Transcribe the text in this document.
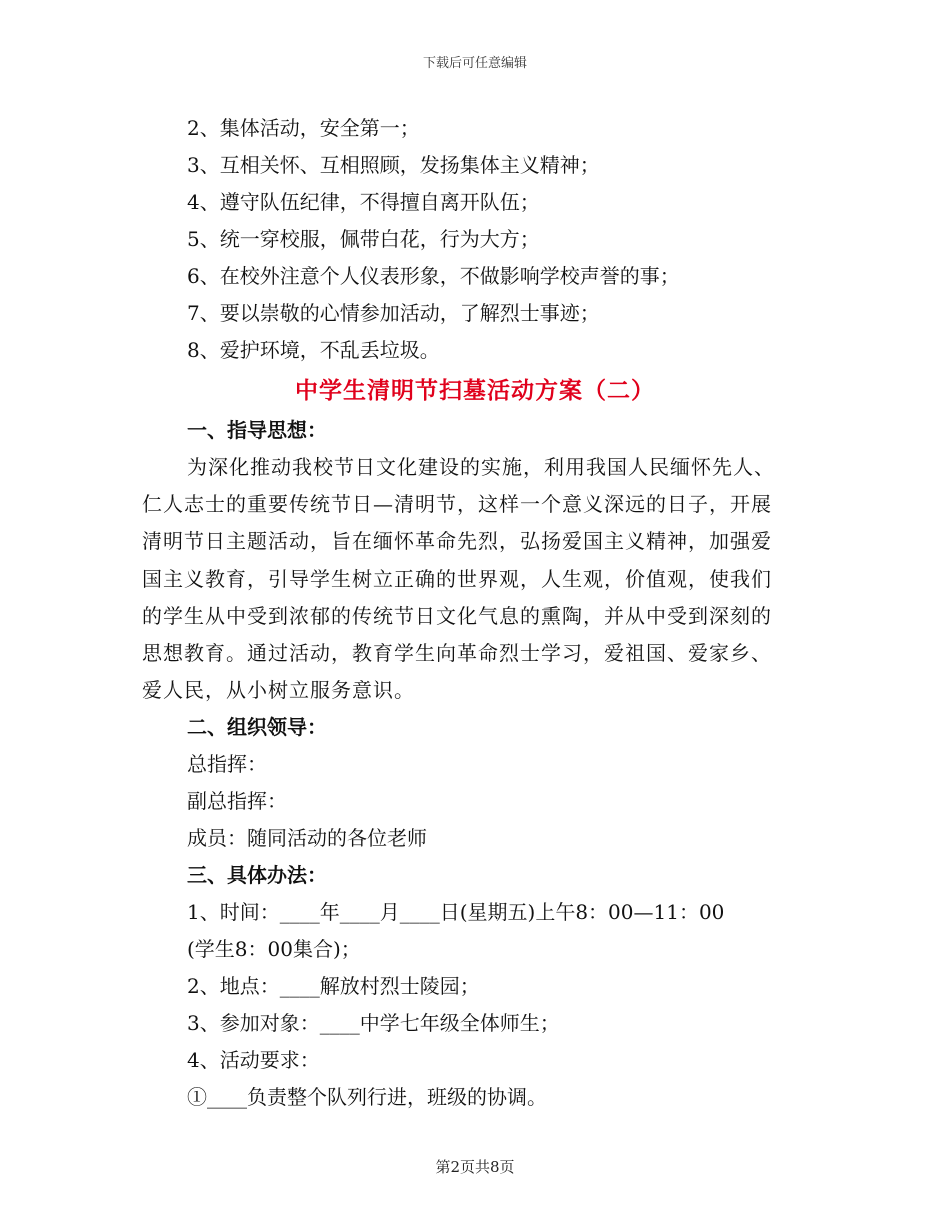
下载后可任意编辑
2、集体活动，安全第一；
3、互相关怀、互相照顾，发扬集体主义精神；
4、遵守队伍纪律，不得擅自离开队伍；
5、统一穿校服，佩带白花，行为大方；
6、在校外注意个人仪表形象，不做影响学校声誉的事；
7、要以崇敬的心情参加活动，了解烈士事迹；
8、爱护环境，不乱丢垃圾。
中学生清明节扫墓活动方案（二）
一、指导思想：
为深化推动我校节日文化建设的实施，利用我国人民缅怀先人、
仁人志士的重要传统节日—清明节，这样一个意义深远的日子，开展
清明节日主题活动，旨在缅怀革命先烈，弘扬爱国主义精神，加强爱
国主义教育，引导学生树立正确的世界观，人生观，价值观，使我们
的学生从中受到浓郁的传统节日文化气息的熏陶，并从中受到深刻的
思想教育。通过活动，教育学生向革命烈士学习，爱祖国、爱家乡、
爱人民，从小树立服务意识。
二、组织领导：
总指挥：
副总指挥：
成员：随同活动的各位老师
三、具体办法：
1、时间：____年____月____日(星期五)上午8：00—11：00
(学生8：00集合)；
2、地点：____解放村烈士陵园；
3、参加对象：____中学七年级全体师生；
4、活动要求：
①____负责整个队列行进，班级的协调。
第2页共8页
